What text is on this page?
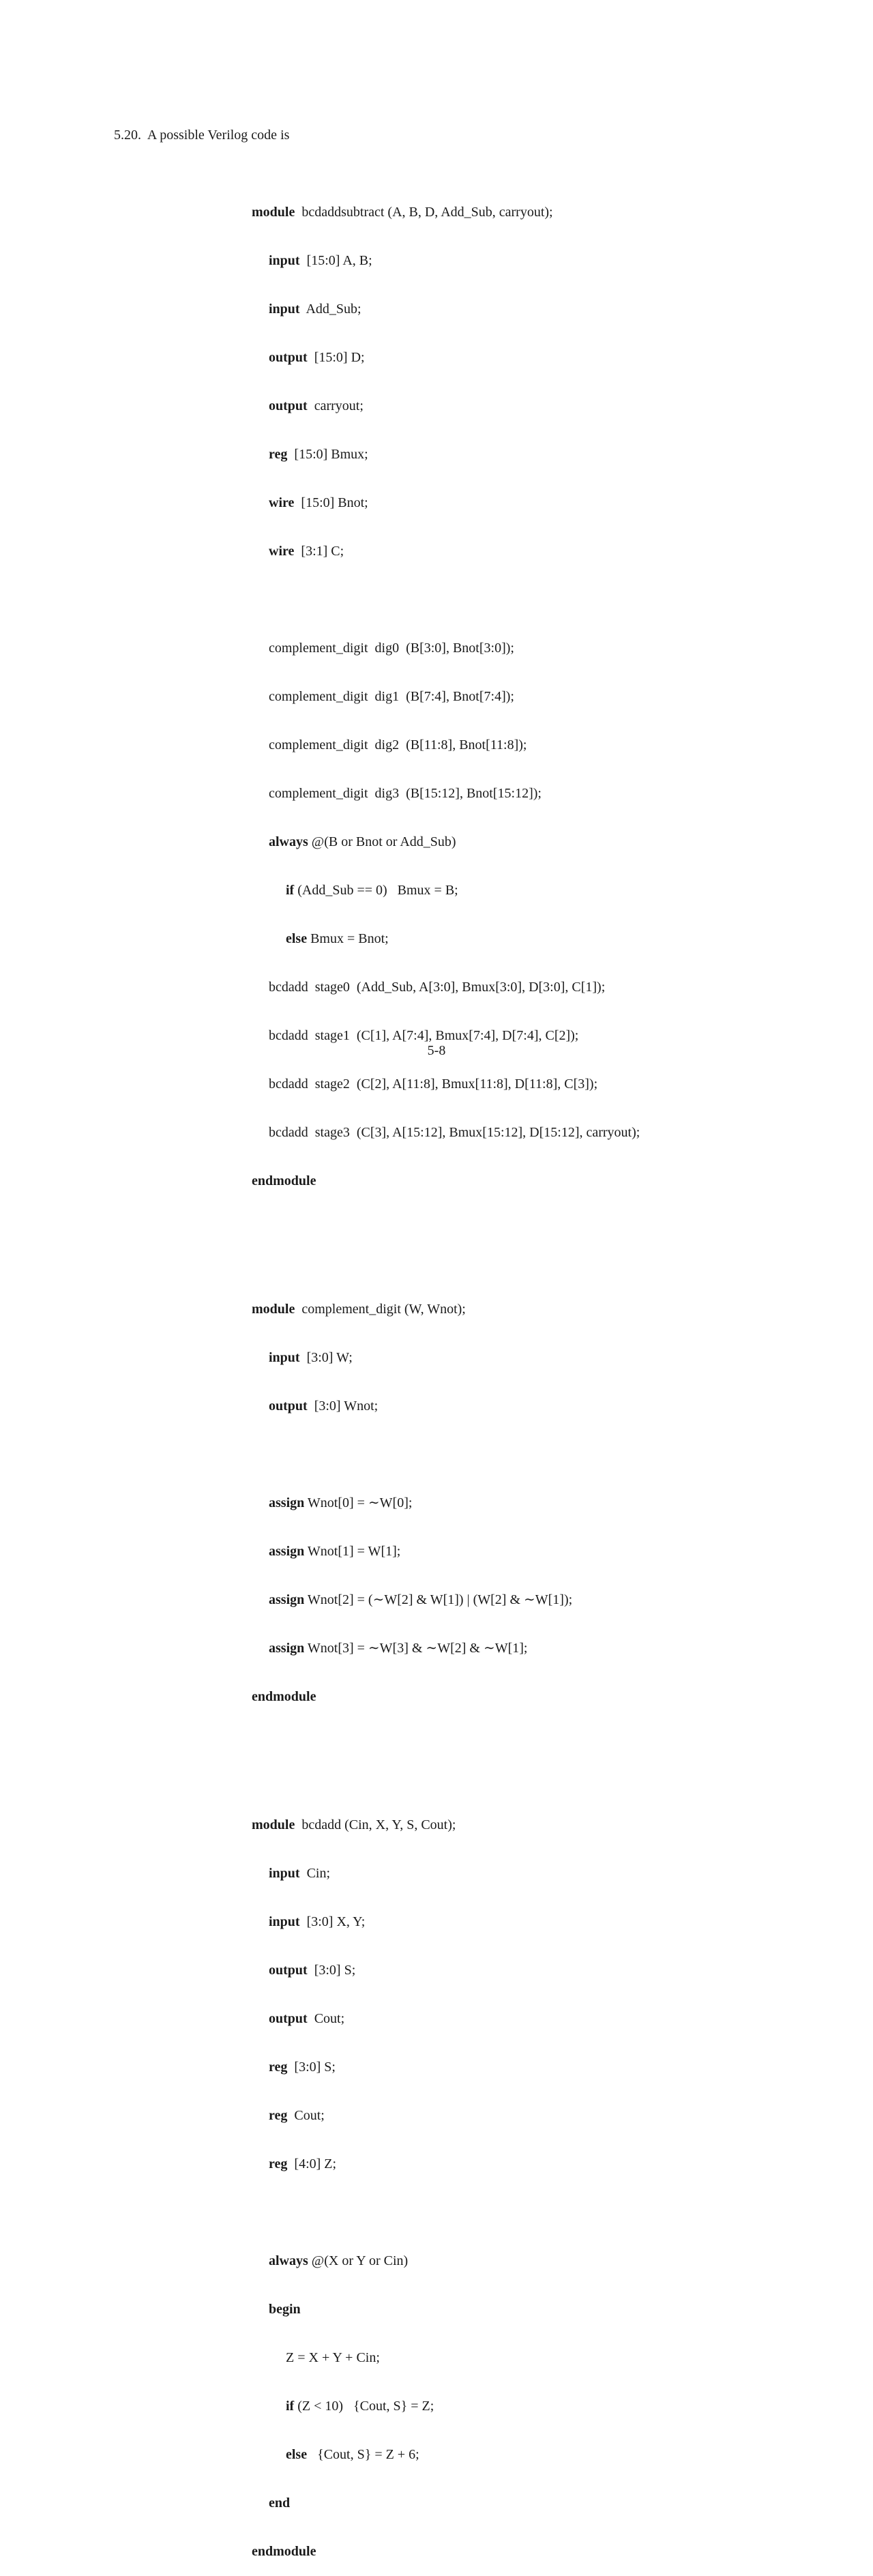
5.20.  A possible Verilog code is

module  bcdaddsubtract (A, B, D, Add_Sub, carryout);

input  [15:0] A, B;

input  Add_Sub;

output  [15:0] D;

output  carryout;

reg  [15:0] Bmux;

wire  [15:0] Bnot;

wire  [3:1] C;

complement_digit  dig0  (B[3:0], Bnot[3:0]);

complement_digit  dig1  (B[7:4], Bnot[7:4]);

complement_digit  dig2  (B[11:8], Bnot[11:8]);

complement_digit  dig3  (B[15:12], Bnot[15:12]);

always @(B or Bnot or Add_Sub)

if (Add_Sub == 0)   Bmux = B;

else Bmux = Bnot;

bcdadd  stage0  (Add_Sub, A[3:0], Bmux[3:0], D[3:0], C[1]);

bcdadd  stage1  (C[1], A[7:4], Bmux[7:4], D[7:4], C[2]);

bcdadd  stage2  (C[2], A[11:8], Bmux[11:8], D[11:8], C[3]);

bcdadd  stage3  (C[3], A[15:12], Bmux[15:12], D[15:12], carryout);

endmodule

module  complement_digit (W, Wnot);

input  [3:0] W;

output  [3:0] Wnot;

assign Wnot[0] = ∼W[0];

assign Wnot[1] = W[1];

assign Wnot[2] = (∼W[2] & W[1]) | (W[2] & ∼W[1]);

assign Wnot[3] = ∼W[3] & ∼W[2] & ∼W[1];

endmodule

module  bcdadd (Cin, X, Y, S, Cout);

input  Cin;

input  [3:0] X, Y;

output  [3:0] S;

output  Cout;

reg  [3:0] S;

reg  Cout;

reg  [4:0] Z;

always @(X or Y or Cin)

begin

Z = X + Y + Cin;

if (Z < 10)   {Cout, S} = Z;

else   {Cout, S} = Z + 6;

end

endmodule

5-8
